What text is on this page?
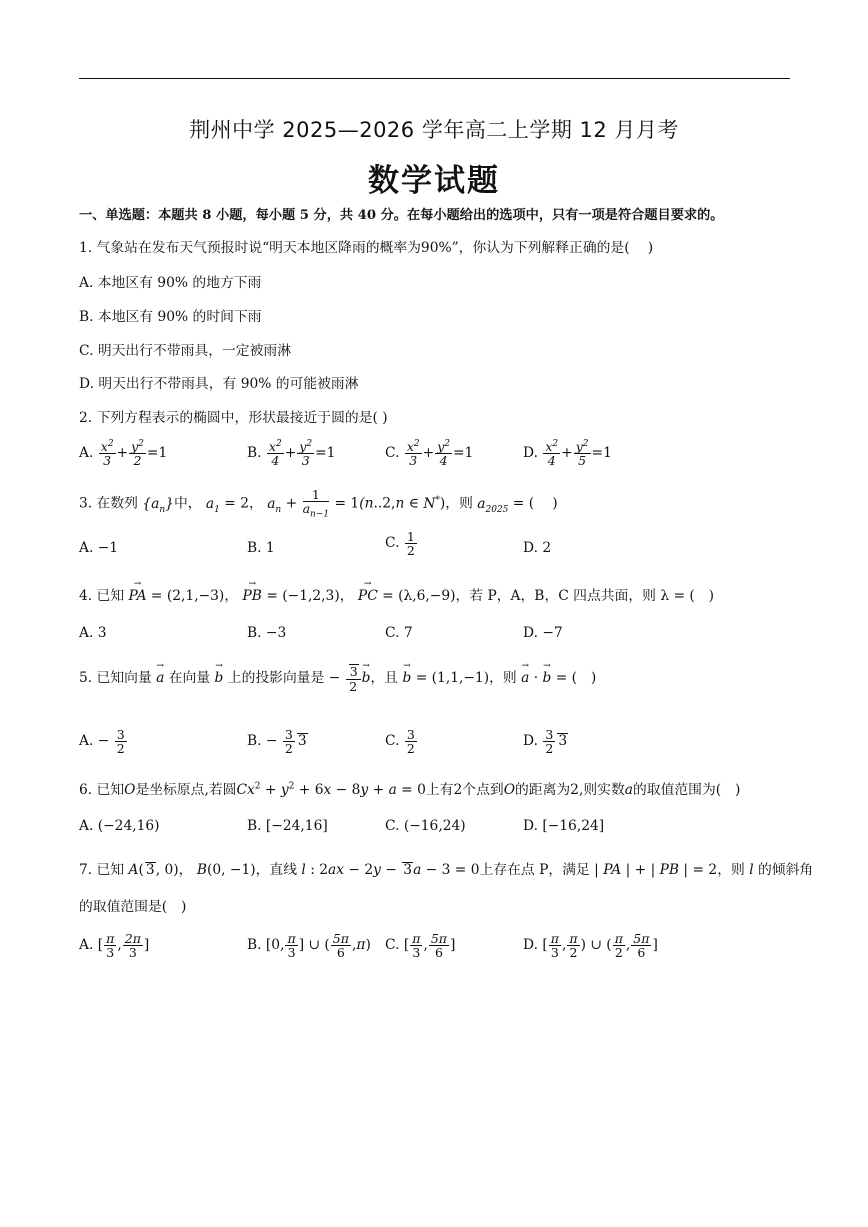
荆州中学 2025—2026 学年高二上学期 12 月月考
数学试题
一、单选题：本题共 8 小题，每小题 5 分，共 40 分。在每小题给出的选项中，只有一项是符合题目要求的。
1. 气象站在发布天气预报时说“明天本地区降雨的概率为90%”，你认为下列解释正确的是(　 )
A. 本地区有 90% 的地方下雨
B. 本地区有 90% 的时间下雨
C. 明天出行不带雨具，一定被雨淋
D. 明天出行不带雨具，有 90% 的可能被雨淋
2. 下列方程表示的椭圆中，形状最接近于圆的是( )
A. $\frac{x^2}{3} + \frac{y^2}{2} =1$	B. $\frac{x^2}{4} + \frac{y^2}{3} =1$	C. $\frac{x^2}{3} + \frac{y^2}{4} =1$	D. $\frac{x^2}{4} + \frac{y^2}{5} =1$
3. 在数列 $\{a_n\}$中， $a_1 = 2$， $a_n + \frac{1}{a_{n-1}} = 1(n..2,n$ ∈ N*)，则 $a_{2025}$ = (　 )
A. −1	B. 1	C. $\frac{1}{2}$	D. 2
4. 已知 → PA = (2,1,−3)， → PB = (−1,2,3)， → PC = (λ,6,−9)，若 P，A，B，C 四点共面，则 λ = (　)
A. 3	B. −3	C. 7	D. −7
5. 已知向量 → a 在向量 → b 上的投影向量是 − $\frac{3}{2}$
→ b，且 → b = (1,1,−1)，则 → a · → b = (　)
A. − $\frac{3}{2}$	B. − $\frac{3}{2} 3$	C. $\frac{3}{2}$	D. $\frac{3}{2} 3$
6. 已知O是坐标原点,若圆$Cx^2 + y^2 + 6x - 8y + a = 0$上有2个点到O的距离为2,则实数a的取值范围为(　)
A. (−24,16)	B. [−24,16]	C. (−16,24)	D. [−16,24]
7. 已知 A( 3, 0)， B(0, −1)，直线 l : 2ax − 2y − 3a − 3 = 0上存在点 P，满足 | PA | + | PB | = 2，则 l 的倾斜角
的取值范围是(　)
A. [ $\frac{\pi}{3}$ , $\frac{2\pi}{3}$ ]	B. [0, $\frac{\pi}{3}$ ] ∪ ( $\frac{5\pi}{6} ,\pi$) C. [ $\frac{\pi}{3}$ , $\frac{5\pi}{6}$ ]	D. [ $\frac{\pi}{3}$ , $\frac{\pi}{2}$ ) ∪ ( $\frac{\pi}{2}$ , $\frac{5\pi}{6}$ ]
